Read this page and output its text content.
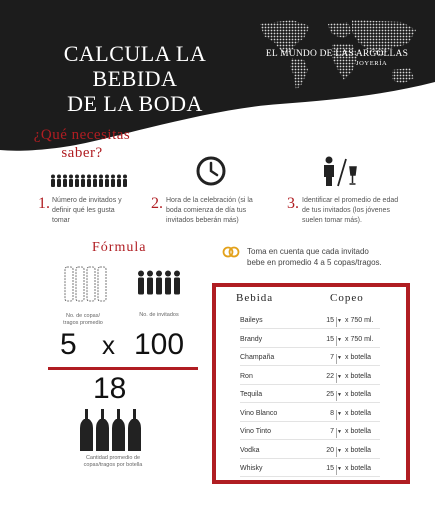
CALCULA LA BEBIDA
DE LA BODA
EL MUNDO DE LAS ARGOLLAS
JOYERÍA
¿Qué necesitas
saber?
1. Número de invitados y
definir qué les gusta
tomar
2. Hora de la celebración (si la
boda comienza de día tus
invitados beberán más)
3. Identificar el promedio de edad
de tus invitados (los jóvenes
suelen tomar más).
Fórmula
No. de copas/
tragos promedio
No. de invitados
5 x 100
18
Cantidad promedio de
copas/tragos por botella
Toma en cuenta que cada invitado
bebe en promedio 4 a 5 copas/tragos.
Bebida	Copeo
Baileys	15 ▼ x 750 ml.
Brandy	15 ▼ x 750 ml.
Champaña	7 ▼ x botella
Ron	22 ▼ x botella
Tequila	25 ▼ x botella
Vino Blanco	8 ▼ x botella
Vino Tinto	7 ▼ x botella
Vodka	20 ▼ x botella
Whisky	15 ▼ x botella
